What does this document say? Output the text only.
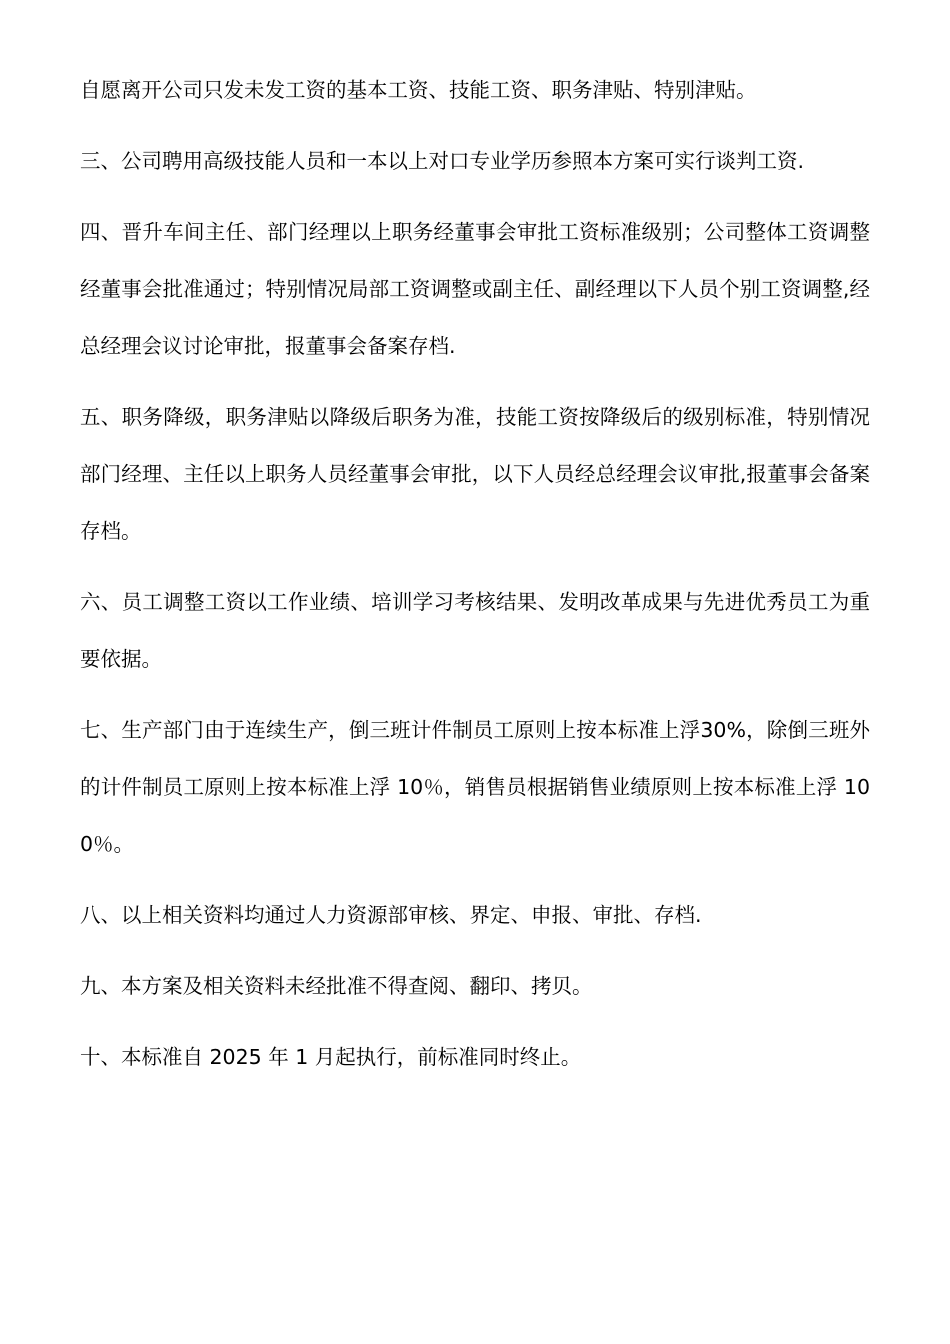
自愿离开公司只发未发工资的基本工资、技能工资、职务津贴、特别津贴。

三、公司聘用高级技能人员和一本以上对口专业学历参照本方案可实行谈判工资.

四、晋升车间主任、部门经理以上职务经董事会审批工资标准级别；公司整体工资调整经董事会批准通过；特别情况局部工资调整或副主任、副经理以下人员个别工资调整,经总经理会议讨论审批，报董事会备案存档.

五、职务降级，职务津贴以降级后职务为准，技能工资按降级后的级别标准，特别情况部门经理、主任以上职务人员经董事会审批，以下人员经总经理会议审批,报董事会备案存档。

六、员工调整工资以工作业绩、培训学习考核结果、发明改革成果与先进优秀员工为重要依据。

七、生产部门由于连续生产，倒三班计件制员工原则上按本标准上浮30%，除倒三班外的计件制员工原则上按本标准上浮 10％，销售员根据销售业绩原则上按本标准上浮 100％。

八、以上相关资料均通过人力资源部审核、界定、申报、审批、存档.

九、本方案及相关资料未经批准不得查阅、翻印、拷贝。

十、本标准自 2025 年 1 月起执行，前标准同时终止。
